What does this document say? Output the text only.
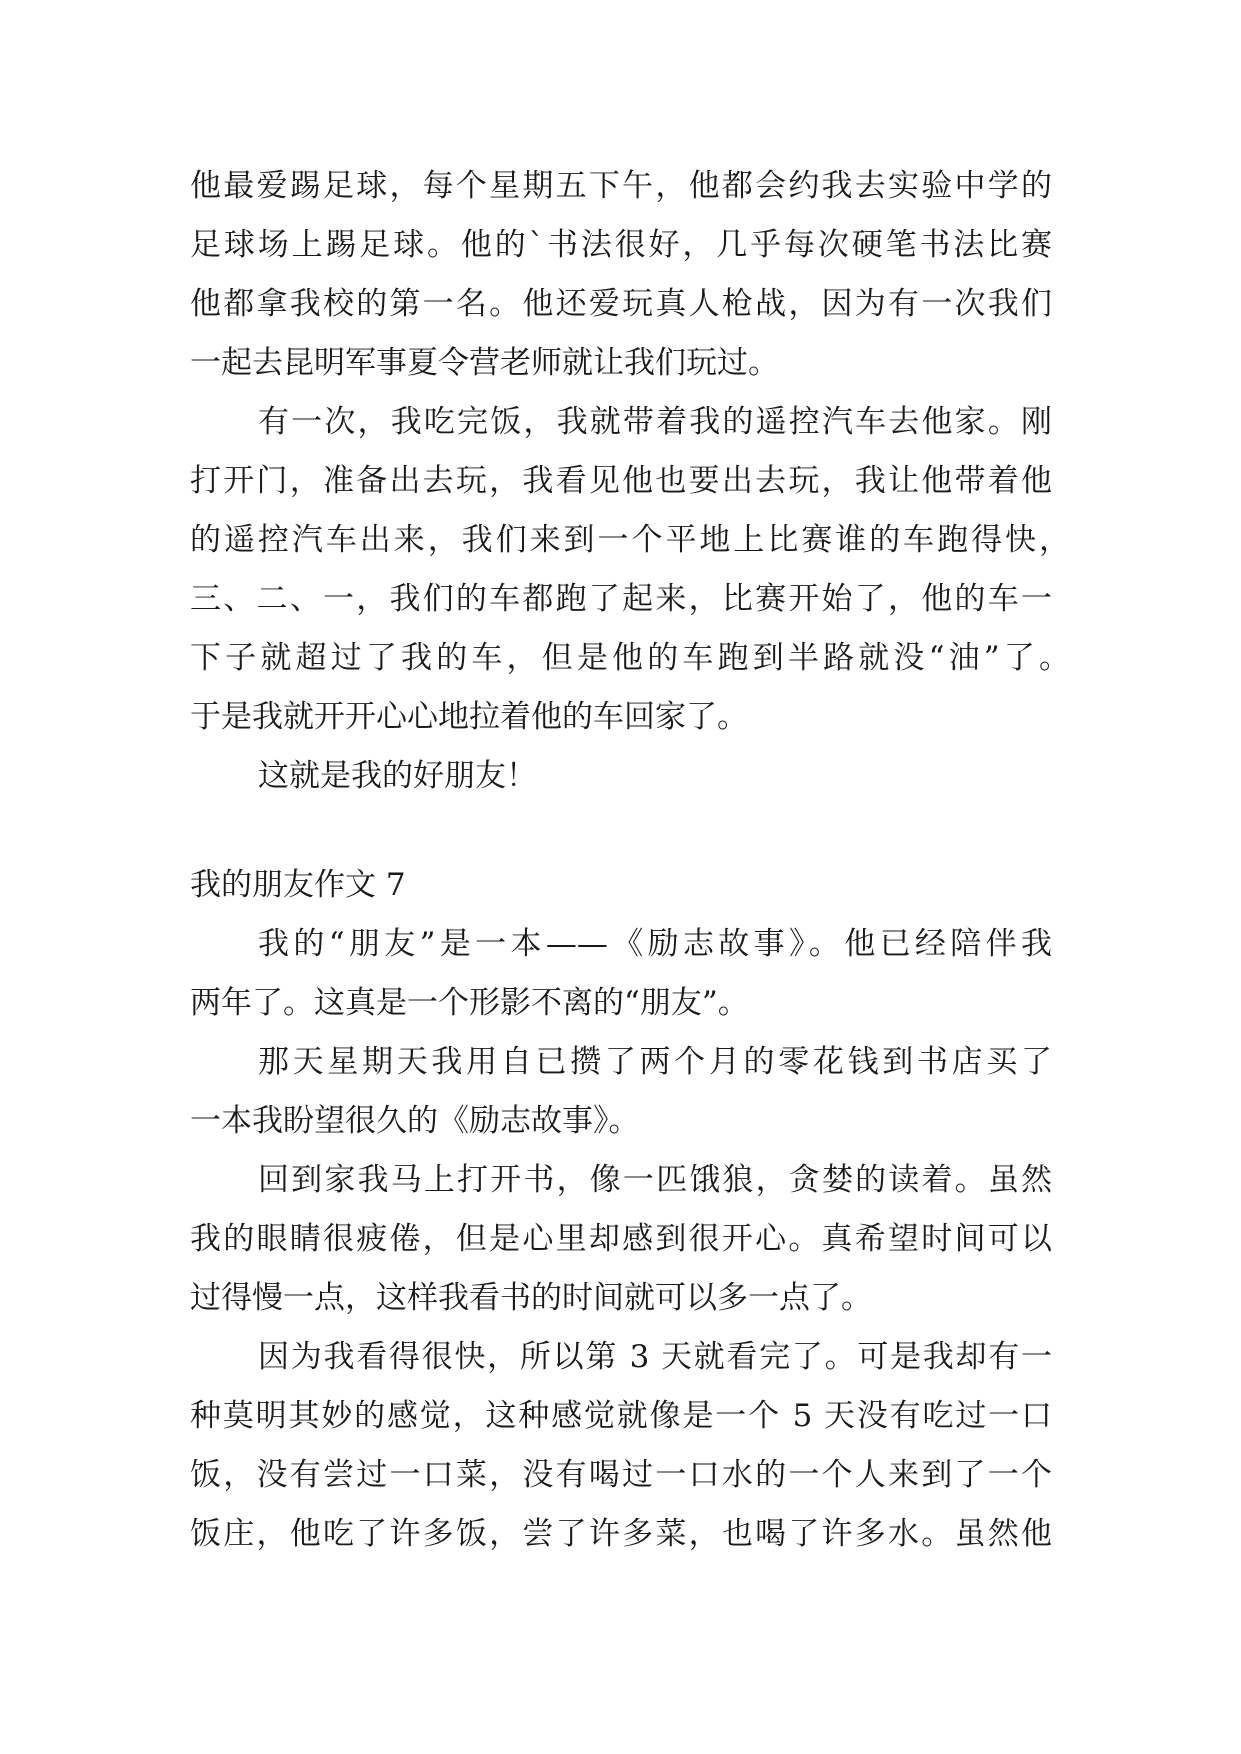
他最爱踢足球，每个星期五下午，他都会约我去实验中学的
足球场上踢足球。他的`书法很好，几乎每次硬笔书法比赛
他都拿我校的第一名。他还爱玩真人枪战，因为有一次我们
一起去昆明军事夏令营老师就让我们玩过。
有一次，我吃完饭，我就带着我的遥控汽车去他家。刚
打开门，准备出去玩，我看见他也要出去玩，我让他带着他
的遥控汽车出来，我们来到一个平地上比赛谁的车跑得快，
三、二、一，我们的车都跑了起来，比赛开始了，他的车一
下子就超过了我的车，但是他的车跑到半路就没“油”了。
于是我就开开心心地拉着他的车回家了。
这就是我的好朋友！
我的朋友作文 7
我的“朋友”是一本——《励志故事》。他已经陪伴我
两年了。这真是一个形影不离的“朋友”。
那天星期天我用自已攒了两个月的零花钱到书店买了
一本我盼望很久的《励志故事》。
回到家我马上打开书，像一匹饿狼，贪婪的读着。虽然
我的眼睛很疲倦，但是心里却感到很开心。真希望时间可以
过得慢一点，这样我看书的时间就可以多一点了。
因为我看得很快，所以第 3 天就看完了。可是我却有一
种莫明其妙的感觉，这种感觉就像是一个 5 天没有吃过一口
饭，没有尝过一口菜，没有喝过一口水的一个人来到了一个
饭庄，他吃了许多饭，尝了许多菜，也喝了许多水。虽然他
